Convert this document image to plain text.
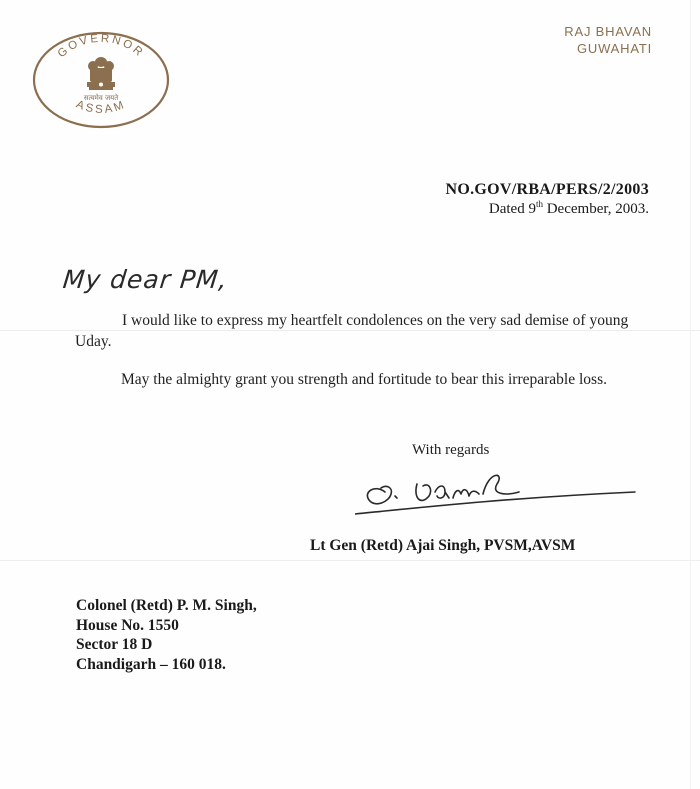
GOVERNOR
ASSAM
सत्यमेव जयते
RAJ BHAVAN
GUWAHATI
NO.GOV/RBA/PERS/2/2003
Dated 9th December, 2003.
My dear PM,
I would like to express my heartfelt condolences on the very sad demise of young Uday.
May the almighty grant you strength and fortitude to bear this irreparable loss.
With regards
Lt Gen (Retd) Ajai Singh, PVSM,AVSM
Colonel (Retd) P. M. Singh,
House No. 1550
Sector 18 D
Chandigarh – 160 018.
